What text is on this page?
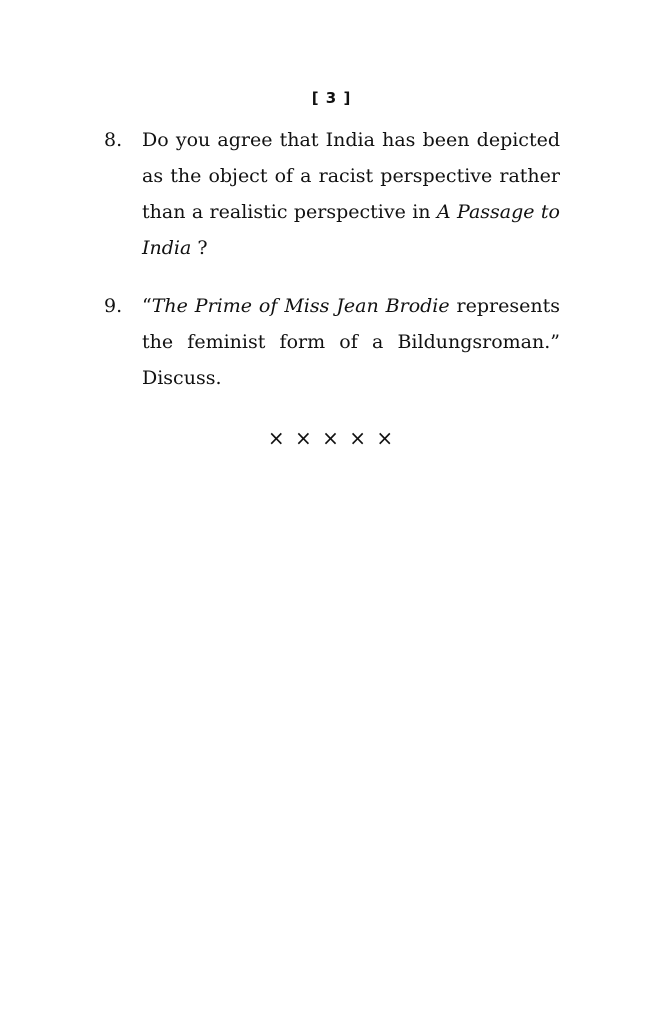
[ 3 ]
8. Do you agree that India has been depicted
as the object of a racist perspective rather
than a realistic perspective in A Passage to
India ?
9. “The Prime of Miss Jean Brodie represents
the feminist form of a Bildungsroman.”
Discuss.
× × × × ×
